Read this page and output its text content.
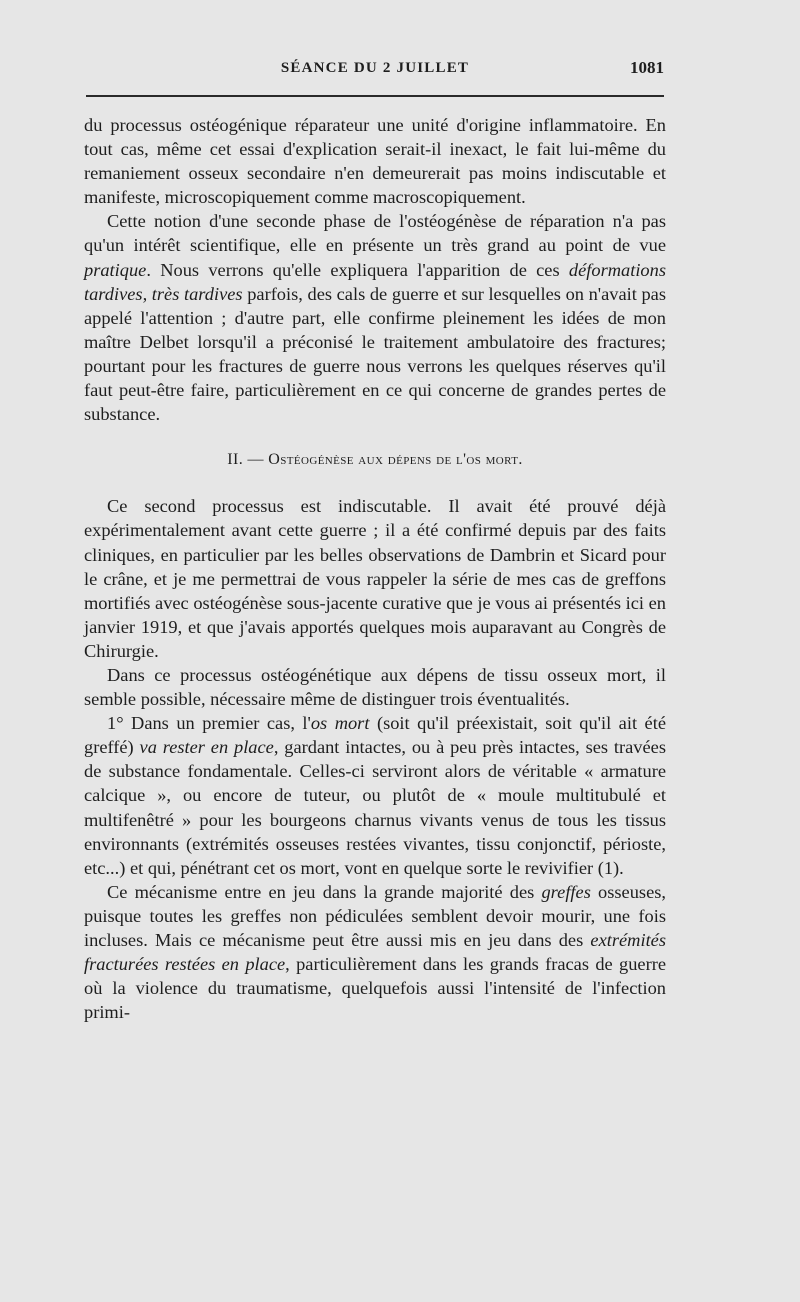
SÉANCE DU 2 JUILLET	1081

du processus ostéogénique réparateur une unité d'origine inflammatoire. En tout cas, même cet essai d'explication serait-il inexact, le fait lui-même du remaniement osseux secondaire n'en demeurerait pas moins indiscutable et manifeste, microscopiquement comme macroscopiquement.

Cette notion d'une seconde phase de l'ostéogénèse de réparation n'a pas qu'un intérêt scientifique, elle en présente un très grand au point de vue pratique. Nous verrons qu'elle expliquera l'apparition de ces déformations tardives, très tardives parfois, des cals de guerre et sur lesquelles on n'avait pas appelé l'attention ; d'autre part, elle confirme pleinement les idées de mon maître Delbet lorsqu'il a préconisé le traitement ambulatoire des fractures; pourtant pour les fractures de guerre nous verrons les quelques réserves qu'il faut peut-être faire, particulièrement en ce qui concerne de grandes pertes de substance.

II. — Ostéogénèse aux dépens de l'os mort.

Ce second processus est indiscutable. Il avait été prouvé déjà expérimentalement avant cette guerre ; il a été confirmé depuis par des faits cliniques, en particulier par les belles observations de Dambrin et Sicard pour le crâne, et je me permettrai de vous rappeler la série de mes cas de greffons mortifiés avec ostéogénèse sous-jacente curative que je vous ai présentés ici en janvier 1919, et que j'avais apportés quelques mois auparavant au Congrès de Chirurgie.

Dans ce processus ostéogénétique aux dépens de tissu osseux mort, il semble possible, nécessaire même de distinguer trois éventualités.

1° Dans un premier cas, l'os mort (soit qu'il préexistait, soit qu'il ait été greffé) va rester en place, gardant intactes, ou à peu près intactes, ses travées de substance fondamentale. Celles-ci serviront alors de véritable « armature calcique », ou encore de tuteur, ou plutôt de « moule multitubulé et multifenêtré » pour les bourgeons charnus vivants venus de tous les tissus environnants (extrémités osseuses restées vivantes, tissu conjonctif, périoste, etc...) et qui, pénétrant cet os mort, vont en quelque sorte le revivifier (1).

Ce mécanisme entre en jeu dans la grande majorité des greffes osseuses, puisque toutes les greffes non pédiculées semblent devoir mourir, une fois incluses. Mais ce mécanisme peut être aussi mis en jeu dans des extrémités fracturées restées en place, particulièrement dans les grands fracas de guerre où la violence du traumatisme, quelquefois aussi l'intensité de l'infection primi-
